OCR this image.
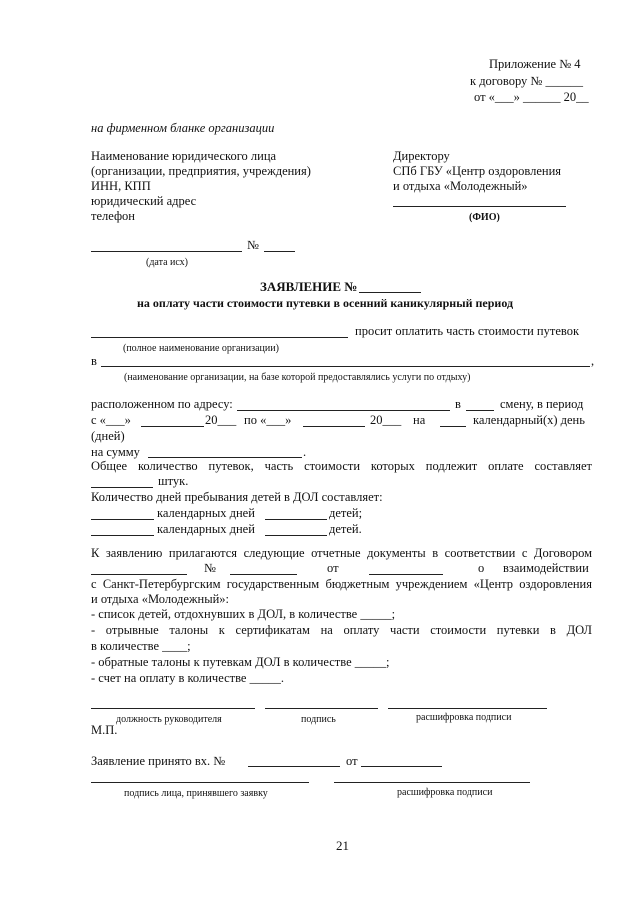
Приложение № 4
к договору № ______
от «___» ______ 20__
на фирменном бланке организации
Наименование юридического лица
(организации, предприятия, учреждения)
ИНН, КПП
юридический адрес
телефон
Директору
СПб ГБУ «Центр оздоровления
и отдыха «Молодежный»
(ФИО)
№
(дата исх)
ЗАЯВЛЕНИЕ №
на оплату части стоимости путевки в осенний каникулярный период
просит оплатить часть стоимости путевок
(полное наименование организации)
в	,
(наименование организации, на базе которой предоставлялись услуги по отдыху)
расположенном по адресу:	в	смену, в период
с «___»	20___ по «___»	20___ на	календарный(х) день
(дней)
на сумму	.
Общее количество путевок, часть стоимости которых подлежит оплате составляет
штук.
Количество дней пребывания детей в ДОЛ составляет:
календарных дней	детей;
календарных дней	детей.
К заявлению прилагаются следующие отчетные документы в соответствии с Договором
№	от	о взаимодействии
с Санкт-Петербургским государственным бюджетным учреждением «Центр оздоровления
и отдыха «Молодежный»:
- список детей, отдохнувших в ДОЛ, в количестве _____;
- отрывные талоны к сертификатам на оплату части стоимости путевки в ДОЛ
в количестве ____;
- обратные талоны к путевкам ДОЛ в количестве _____;
- счет на оплату в количестве _____.
должность руководителя	подпись	расшифровка подписи
М.П.
Заявление принято вх. №	от
подпись лица, принявшего заявку	расшифровка подписи
21
